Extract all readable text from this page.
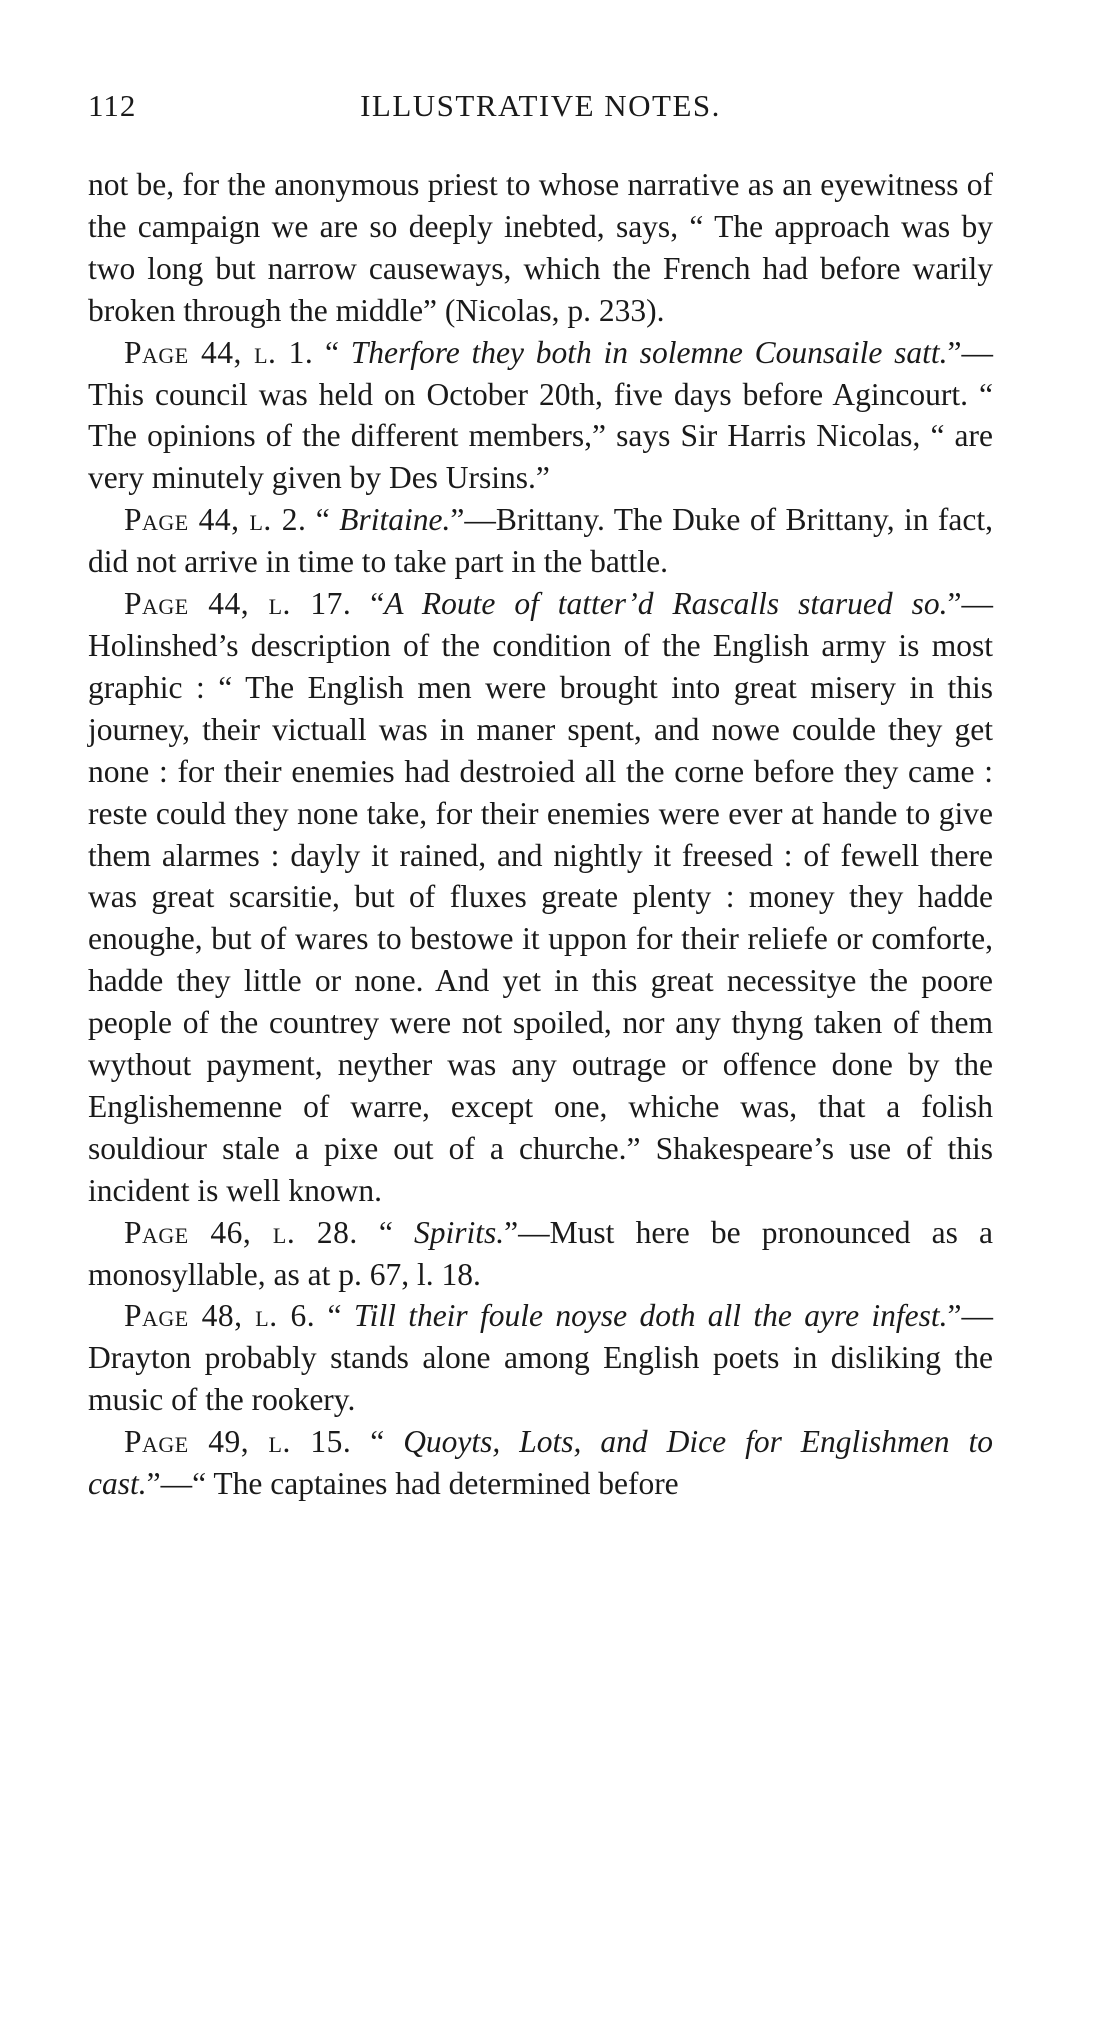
112	ILLUSTRATIVE NOTES.

not be, for the anonymous priest to whose narrative as an eyewitness of the campaign we are so deeply inebted, says, “ The approach was by two long but narrow causeways, which the French had before warily broken through the middle” (Nicolas, p. 233).

Page 44, l. 1. “ Therfore they both in solemne Counsaile satt.”—This council was held on October 20th, five days before Agincourt. “ The opinions of the different members,” says Sir Harris Nicolas, “ are very minutely given by Des Ursins.”

Page 44, l. 2. “ Britaine.”—Brittany. The Duke of Brittany, in fact, did not arrive in time to take part in the battle.

Page 44, l. 17. “A Route of tatter’d Rascalls starued so.”—Holinshed’s description of the condition of the English army is most graphic : “ The English men were brought into great misery in this journey, their victuall was in maner spent, and nowe coulde they get none : for their enemies had destroied all the corne before they came : reste could they none take, for their enemies were ever at hande to give them alarmes : dayly it rained, and nightly it freesed : of fewell there was great scarsitie, but of fluxes greate plenty : money they hadde enoughe, but of wares to bestowe it uppon for their reliefe or comforte, hadde they little or none. And yet in this great necessitye the poore people of the countrey were not spoiled, nor any thyng taken of them wythout payment, neyther was any outrage or offence done by the Englishemenne of warre, except one, whiche was, that a folish souldiour stale a pixe out of a churche.” Shakespeare’s use of this incident is well known.

Page 46, l. 28. “ Spirits.”—Must here be pronounced as a monosyllable, as at p. 67, l. 18.

Page 48, l. 6. “ Till their foule noyse doth all the ayre infest.”—Drayton probably stands alone among English poets in disliking the music of the rookery.

Page 49, l. 15. “ Quoyts, Lots, and Dice for Englishmen to cast.”—“ The captaines had determined before
